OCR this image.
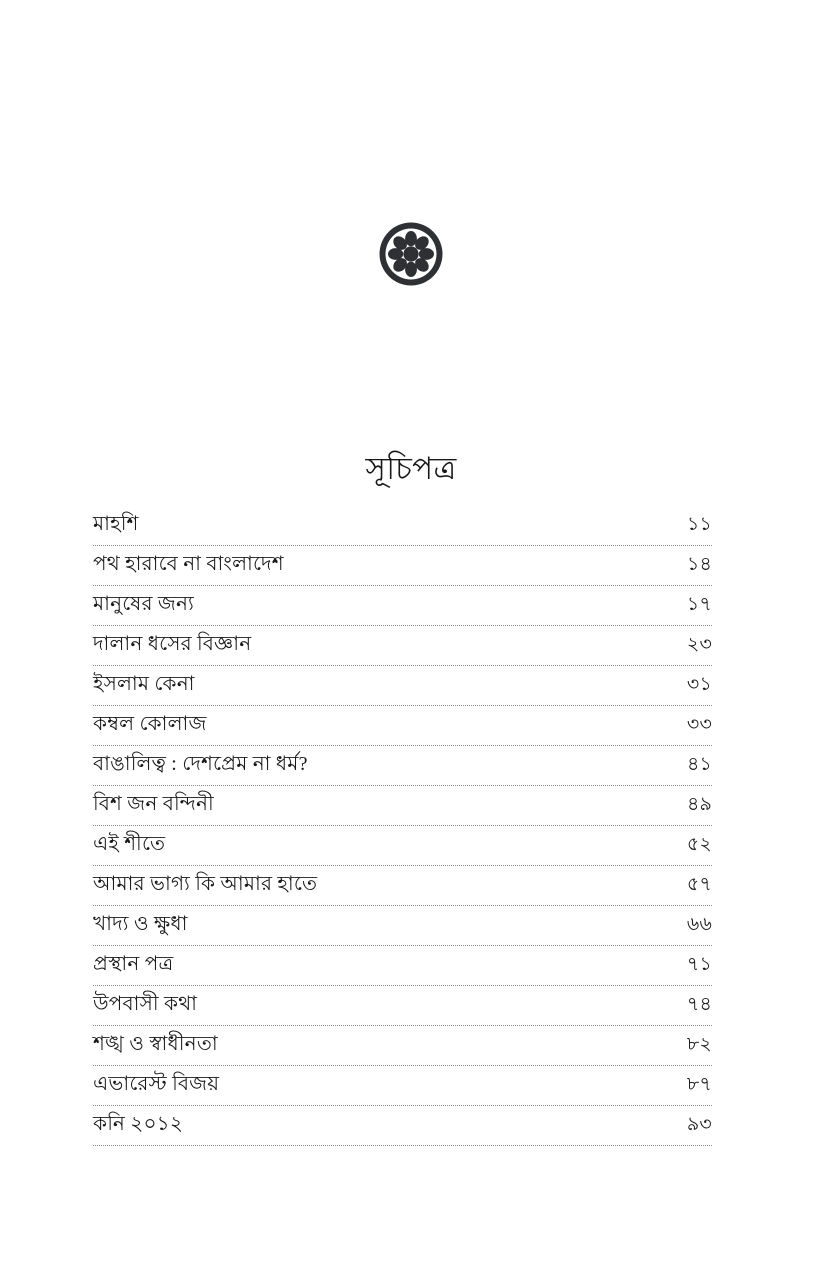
সূচিপত্র
মাহশি	১১
পথ হারাবে না বাংলাদেশ	১৪
মানুষের জন্য	১৭
দালান ধসের বিজ্ঞান	২৩
ইসলাম কেনা	৩১
কম্বল কোলাজ	৩৩
বাঙালিত্ব : দেশপ্রেম না ধর্ম?	৪১
বিশ জন বন্দিনী	৪৯
এই শীতে	৫২
আমার ভাগ্য কি আমার হাতে	৫৭
খাদ্য ও ক্ষুধা	৬৬
প্রস্থান পত্র	৭১
উপবাসী কথা	৭৪
শঙ্খ ও স্বাধীনতা	৮২
এভারেস্ট বিজয়	৮৭
কনি ২০১২	৯৩
